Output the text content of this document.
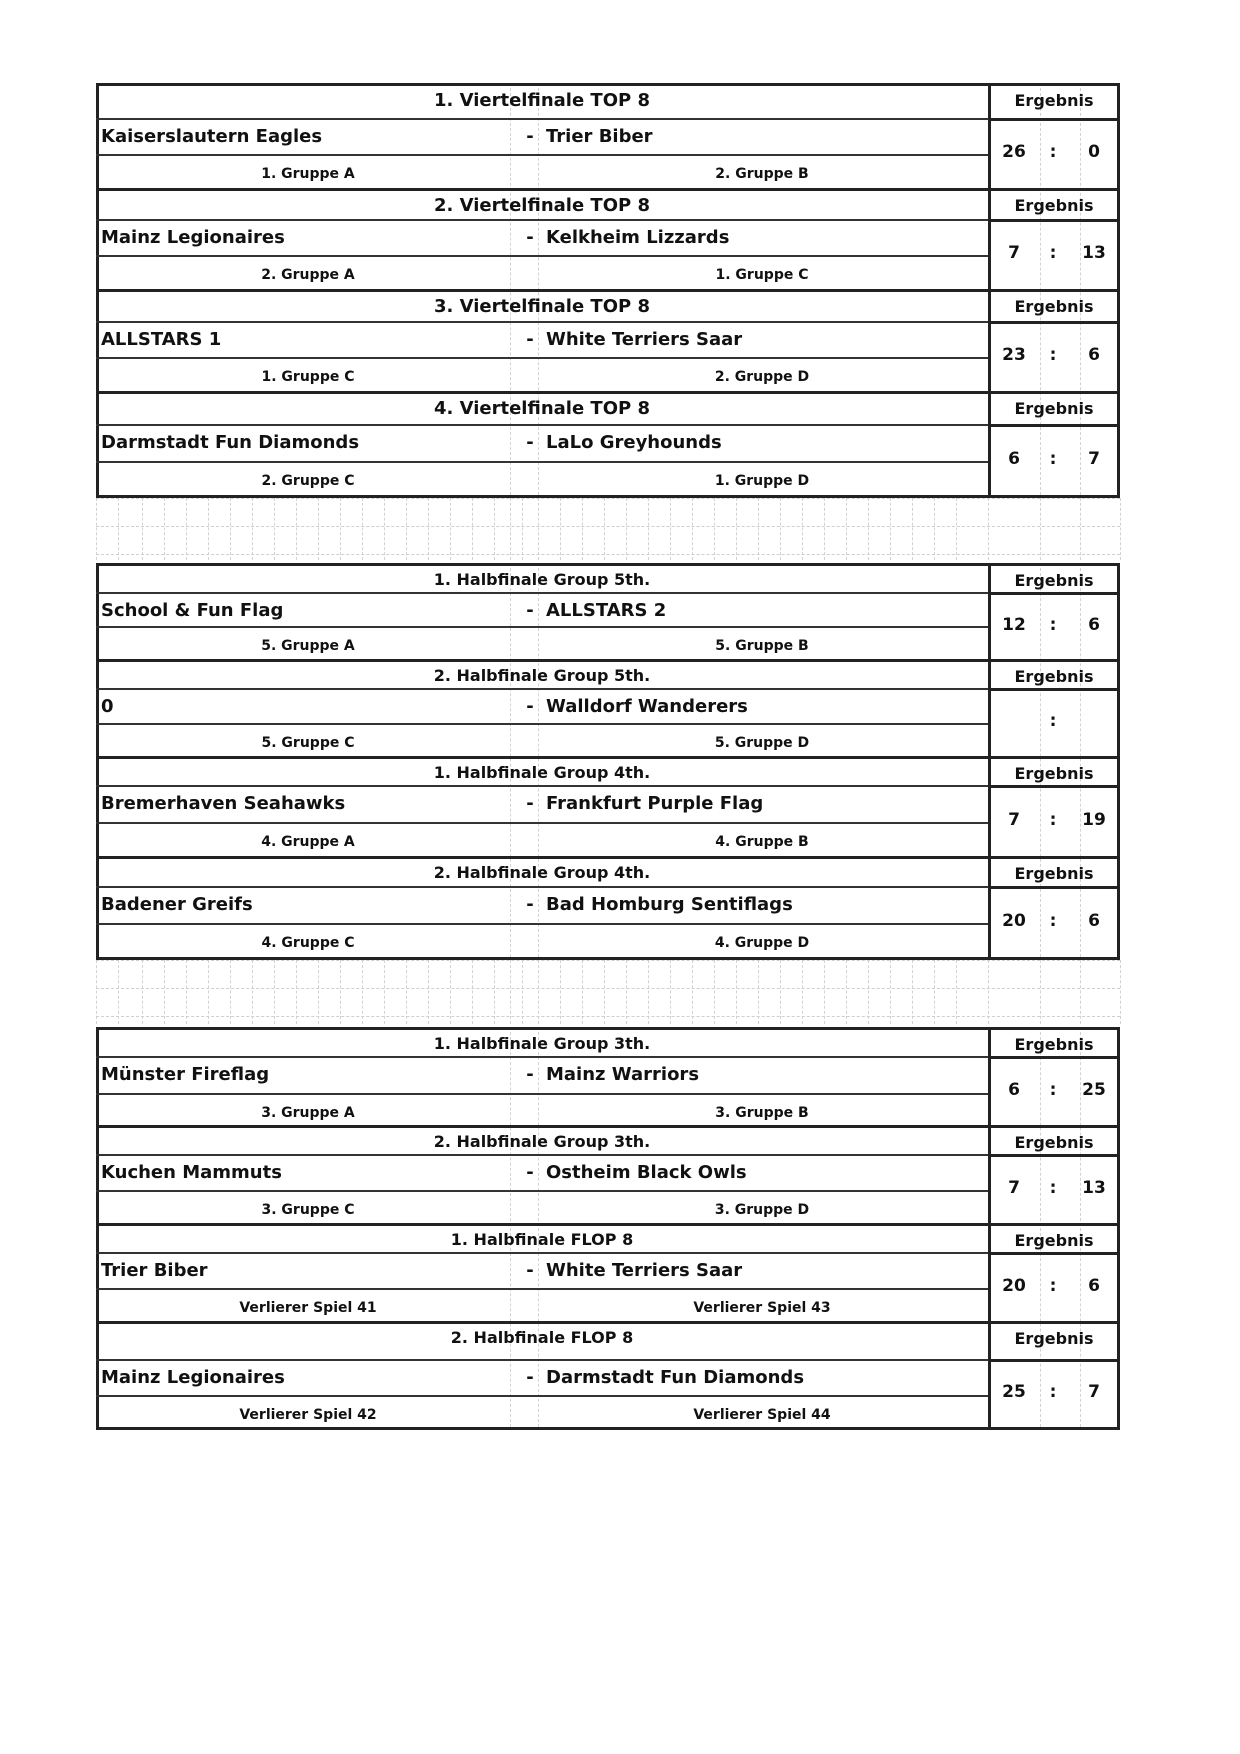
1. Viertelfinale TOP 8	Ergebnis
Kaiserslautern Eagles	- Trier Biber
1. Gruppe A	2. Gruppe B
26	:	0
2. Viertelfinale TOP 8	Ergebnis
Mainz Legionaires	- Kelkheim Lizzards
2. Gruppe A	1. Gruppe C
7	:	13
3. Viertelfinale TOP 8	Ergebnis
ALLSTARS 1	- White Terriers Saar
1. Gruppe C	2. Gruppe D
23	:	6
4. Viertelfinale TOP 8	Ergebnis
Darmstadt Fun Diamonds	- LaLo Greyhounds
2. Gruppe C	1. Gruppe D
6	:	7
1. Halbfinale Group 5th.	Ergebnis
School & Fun Flag	- ALLSTARS 2
5. Gruppe A	5. Gruppe B
12	:	6
2. Halbfinale Group 5th.	Ergebnis
0	- Walldorf Wanderers
5. Gruppe C	5. Gruppe D
:
1. Halbfinale Group 4th.	Ergebnis
Bremerhaven Seahawks	- Frankfurt Purple Flag
4. Gruppe A	4. Gruppe B
7	:	19
2. Halbfinale Group 4th.	Ergebnis
Badener Greifs	- Bad Homburg Sentiflags
4. Gruppe C	4. Gruppe D
20	:	6
1. Halbfinale Group 3th.	Ergebnis
Münster Fireflag	- Mainz Warriors
3. Gruppe A	3. Gruppe B
6	:	25
2. Halbfinale Group 3th.	Ergebnis
Kuchen Mammuts	- Ostheim Black Owls
3. Gruppe C	3. Gruppe D
7	:	13
1. Halbfinale FLOP 8	Ergebnis
Trier Biber	- White Terriers Saar
Verlierer Spiel 41	Verlierer Spiel 43
20	:	6
2. Halbfinale FLOP 8	Ergebnis
Mainz Legionaires	- Darmstadt Fun Diamonds
Verlierer Spiel 42	Verlierer Spiel 44
25	:	7
